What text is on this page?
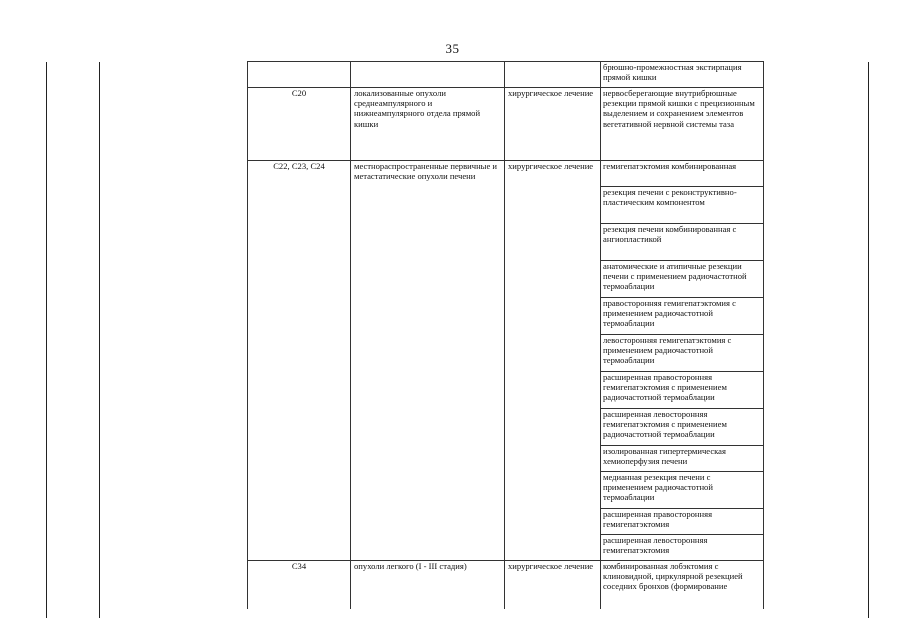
35
			брюшно-промежностная экстирпация прямой кишки
C20	локализованные опухоли среднеампулярного и нижнеампулярного отдела прямой кишки	хирургическое лечение	нервосберегающие внутрибрюшные резекции прямой кишки с прецизионным выделением и сохранением элементов вегетативной нервной системы таза
C22, C23, C24	местнораспространенные первичные и метастатические опухоли печени	хирургическое лечение	гемигепатэктомия комбинированная
			резекция печени с реконструктивно-пластическим компонентом
			резекция печени комбинированная с ангиопластикой
			анатомические и атипичные резекции печени с применением радиочастотной термоаблации
			правосторонняя гемигепатэктомия с применением радиочастотной термоаблации
			левосторонняя гемигепатэктомия с применением радиочастотной термоаблации
			расширенная правосторонняя гемигепатэктомия с применением радиочастотной термоаблации
			расширенная левосторонняя гемигепатэктомия с применением радиочастотной термоаблации
			изолированная гипертермическая хемиоперфузия печени
			медианная резекция печени с применением радиочастотной термоаблации
			расширенная правосторонняя гемигепатэктомия
			расширенная левосторонняя гемигепатэктомия
C34	опухоли легкого (I - III стадия)	хирургическое лечение	комбинированная лобэктомия с клиновидной, циркулярной резекцией соседних бронхов (формирование
